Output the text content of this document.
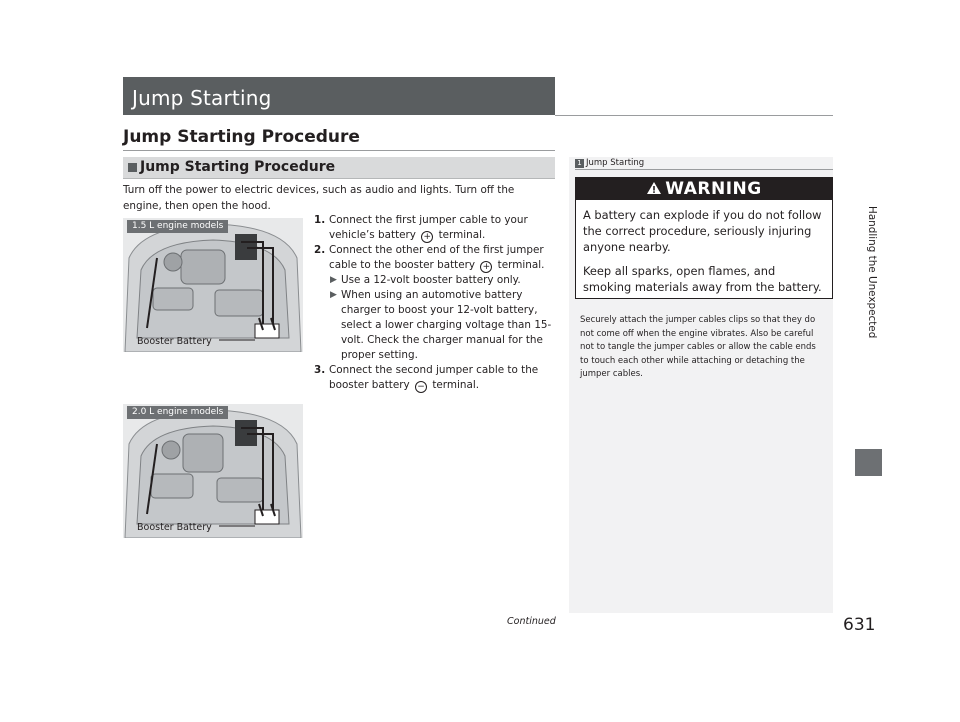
Jump Starting
Jump Starting Procedure
Jump Starting Procedure
Turn off the power to electric devices, such as audio and lights. Turn off the engine, then open the hood.
1. Connect the first jumper cable to your vehicle’s battery + terminal.
2. Connect the other end of the first jumper cable to the booster battery + terminal.
▶ Use a 12-volt booster battery only.
▶ When using an automotive battery charger to boost your 12-volt battery, select a lower charging voltage than 15-volt. Check the charger manual for the proper setting.
3. Connect the second jumper cable to the booster battery − terminal.
1.5 L engine models
Booster Battery
2.0 L engine models
Booster Battery
1 Jump Starting
WARNING

A battery can explode if you do not follow the correct procedure, seriously injuring anyone nearby.

Keep all sparks, open flames, and smoking materials away from the battery.

Securely attach the jumper cables clips so that they do not come off when the engine vibrates. Also be careful not to tangle the jumper cables or allow the cable ends to touch each other while attaching or detaching the jumper cables.
Handling the Unexpected
Continued	631
